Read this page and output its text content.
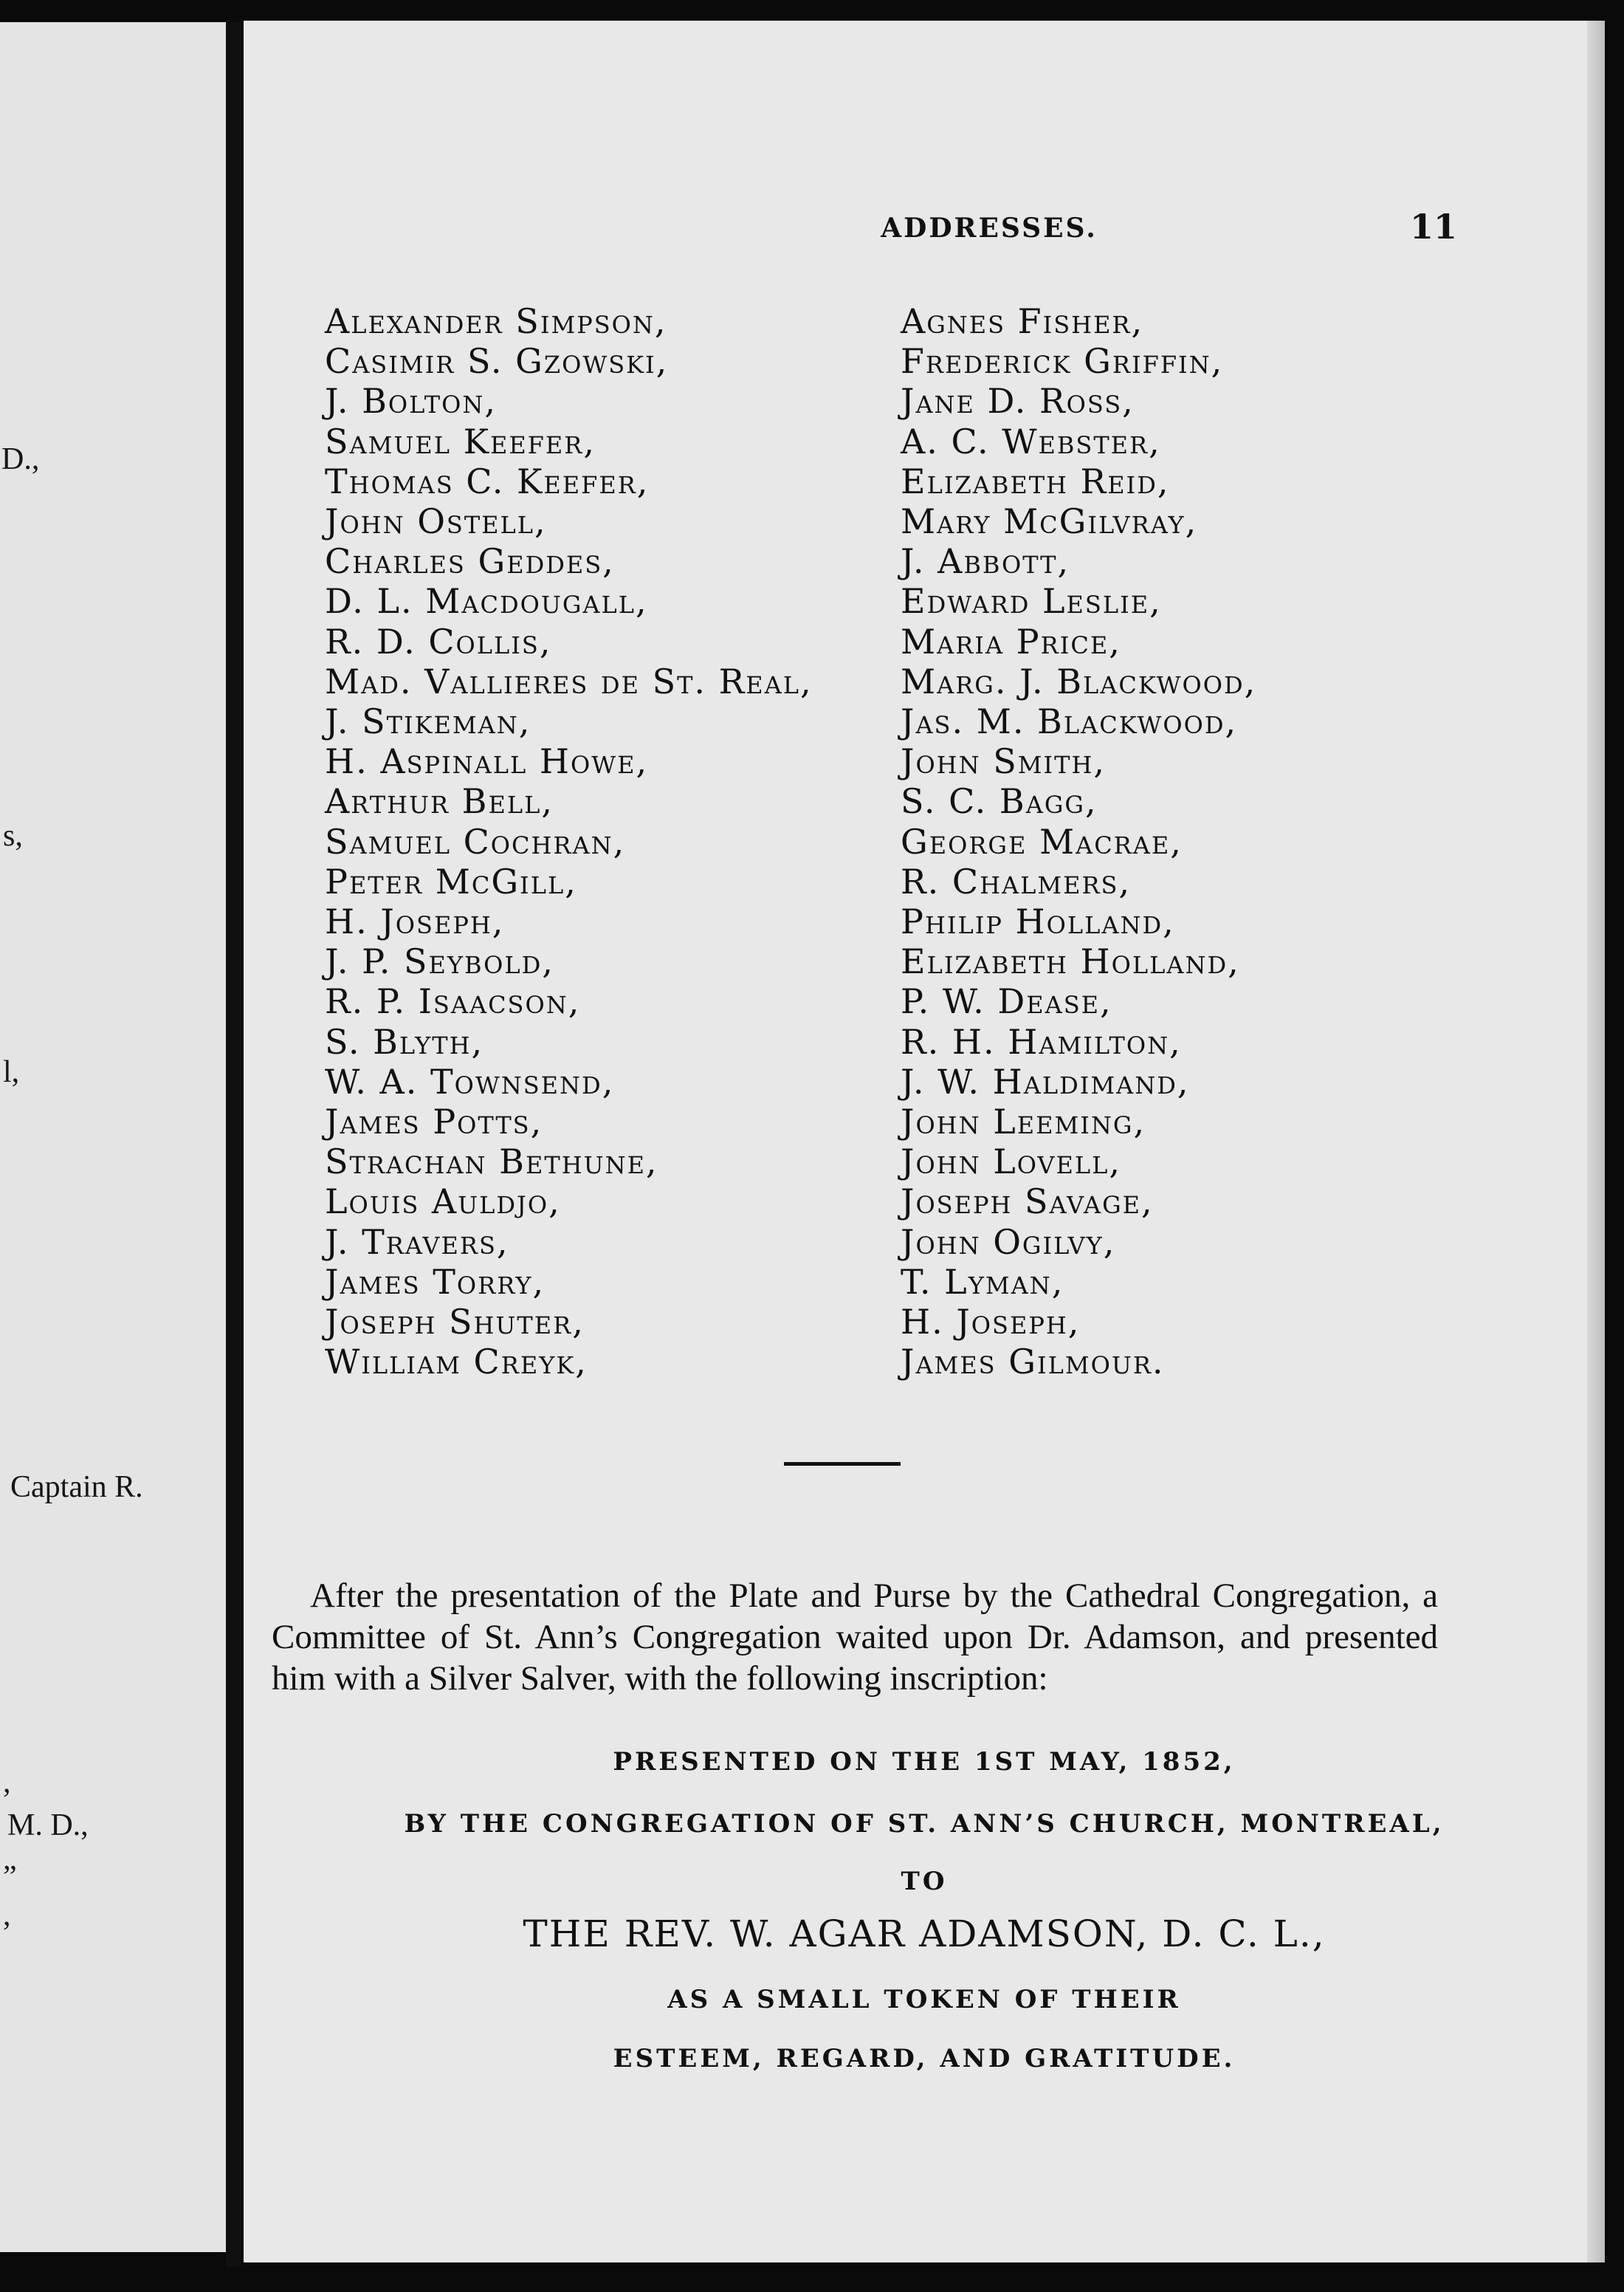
D.,
s,
l,
Captain R.
,
M. D.,
”
,
ADDRESSES.	11
Alexander Simpson,
Casimir S. Gzowski,
J. Bolton,
Samuel Keefer,
Thomas C. Keefer,
John Ostell,
Charles Geddes,
D. L. Macdougall,
R. D. Collis,
Mad. Vallieres de St. Real,
J. Stikeman,
H. Aspinall Howe,
Arthur Bell,
Samuel Cochran,
Peter McGill,
H. Joseph,
J. P. Seybold,
R. P. Isaacson,
S. Blyth,
W. A. Townsend,
James Potts,
Strachan Bethune,
Louis Auldjo,
J. Travers,
James Torry,
Joseph Shuter,
William Creyk,
Agnes Fisher,
Frederick Griffin,
Jane D. Ross,
A. C. Webster,
Elizabeth Reid,
Mary McGilvray,
J. Abbott,
Edward Leslie,
Maria Price,
Marg. J. Blackwood,
Jas. M. Blackwood,
John Smith,
S. C. Bagg,
George Macrae,
R. Chalmers,
Philip Holland,
Elizabeth Holland,
P. W. Dease,
R. H. Hamilton,
J. W. Haldimand,
John Leeming,
John Lovell,
Joseph Savage,
John Ogilvy,
T. Lyman,
H. Joseph,
James Gilmour.

After the presentation of the Plate and Purse by the Cathedral Congregation, a Committee of St. Ann’s Congregation waited upon Dr. Adamson, and presented him with a Silver Salver, with the following inscription:

PRESENTED ON THE 1ST MAY, 1852,
BY THE CONGREGATION OF ST. ANN’S CHURCH, MONTREAL,
TO
THE REV. W. AGAR ADAMSON, D. C. L.,
AS A SMALL TOKEN OF THEIR
ESTEEM, REGARD, AND GRATITUDE.
